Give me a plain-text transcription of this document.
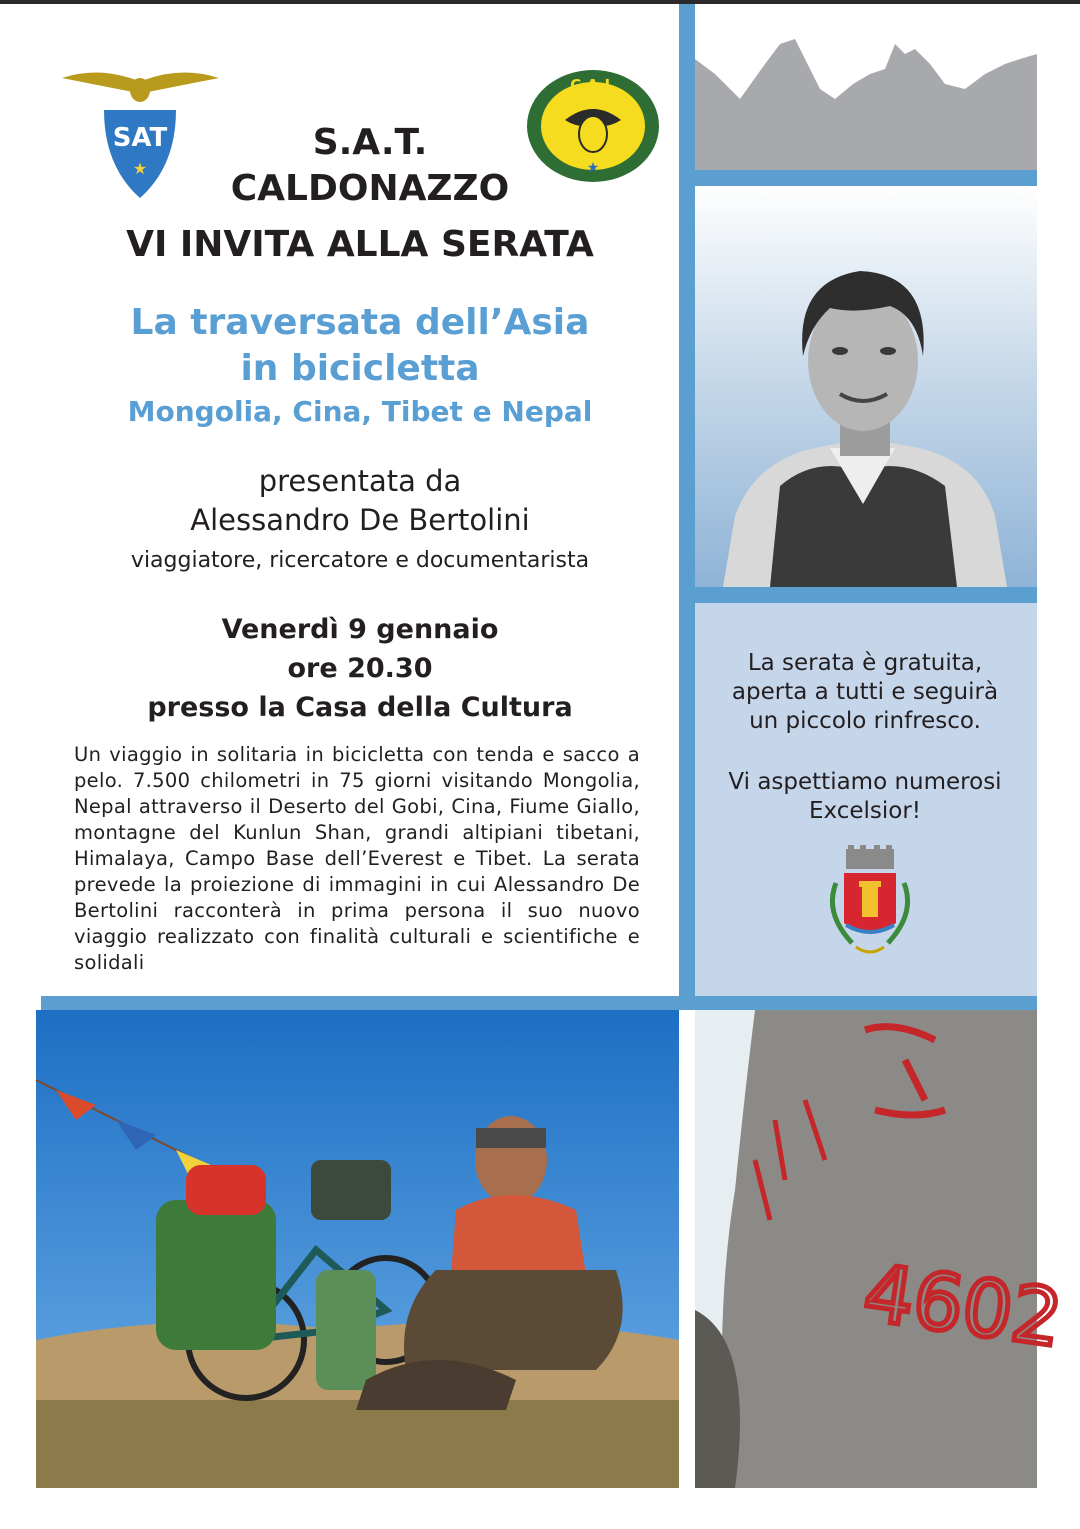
La serata è gratuita,
aperta a tutti e seguirà
un piccolo rinfresco.
Vi aspettiamo numerosi
Excelsior!
SAT
★
C.A.I.
★
S.A.T.
CALDONAZZO
VI INVITA ALLA SERATA
La traversata dell’Asia
in bicicletta
Mongolia, Cina, Tibet e Nepal
presentata da
Alessandro De Bertolini
viaggiatore, ricercatore e documentarista
Venerdì 9 gennaio
ore 20.30
presso la Casa della Cultura
Un viaggio in solitaria in bicicletta con tenda e sacco a pelo. 7.500 chilometri in 75 giorni visitando Mongolia, Nepal attraverso il Deserto del Gobi, Cina, Fiume Giallo, montagne del Kunlun Shan, grandi altipiani tibetani, Himalaya, Campo Base dell’Everest e Tibet. La serata prevede la proiezione di immagini in cui Alessandro De Bertolini racconterà in prima persona il suo nuovo viaggio realizzato con finalità culturali e scientifiche e solidali
4602
